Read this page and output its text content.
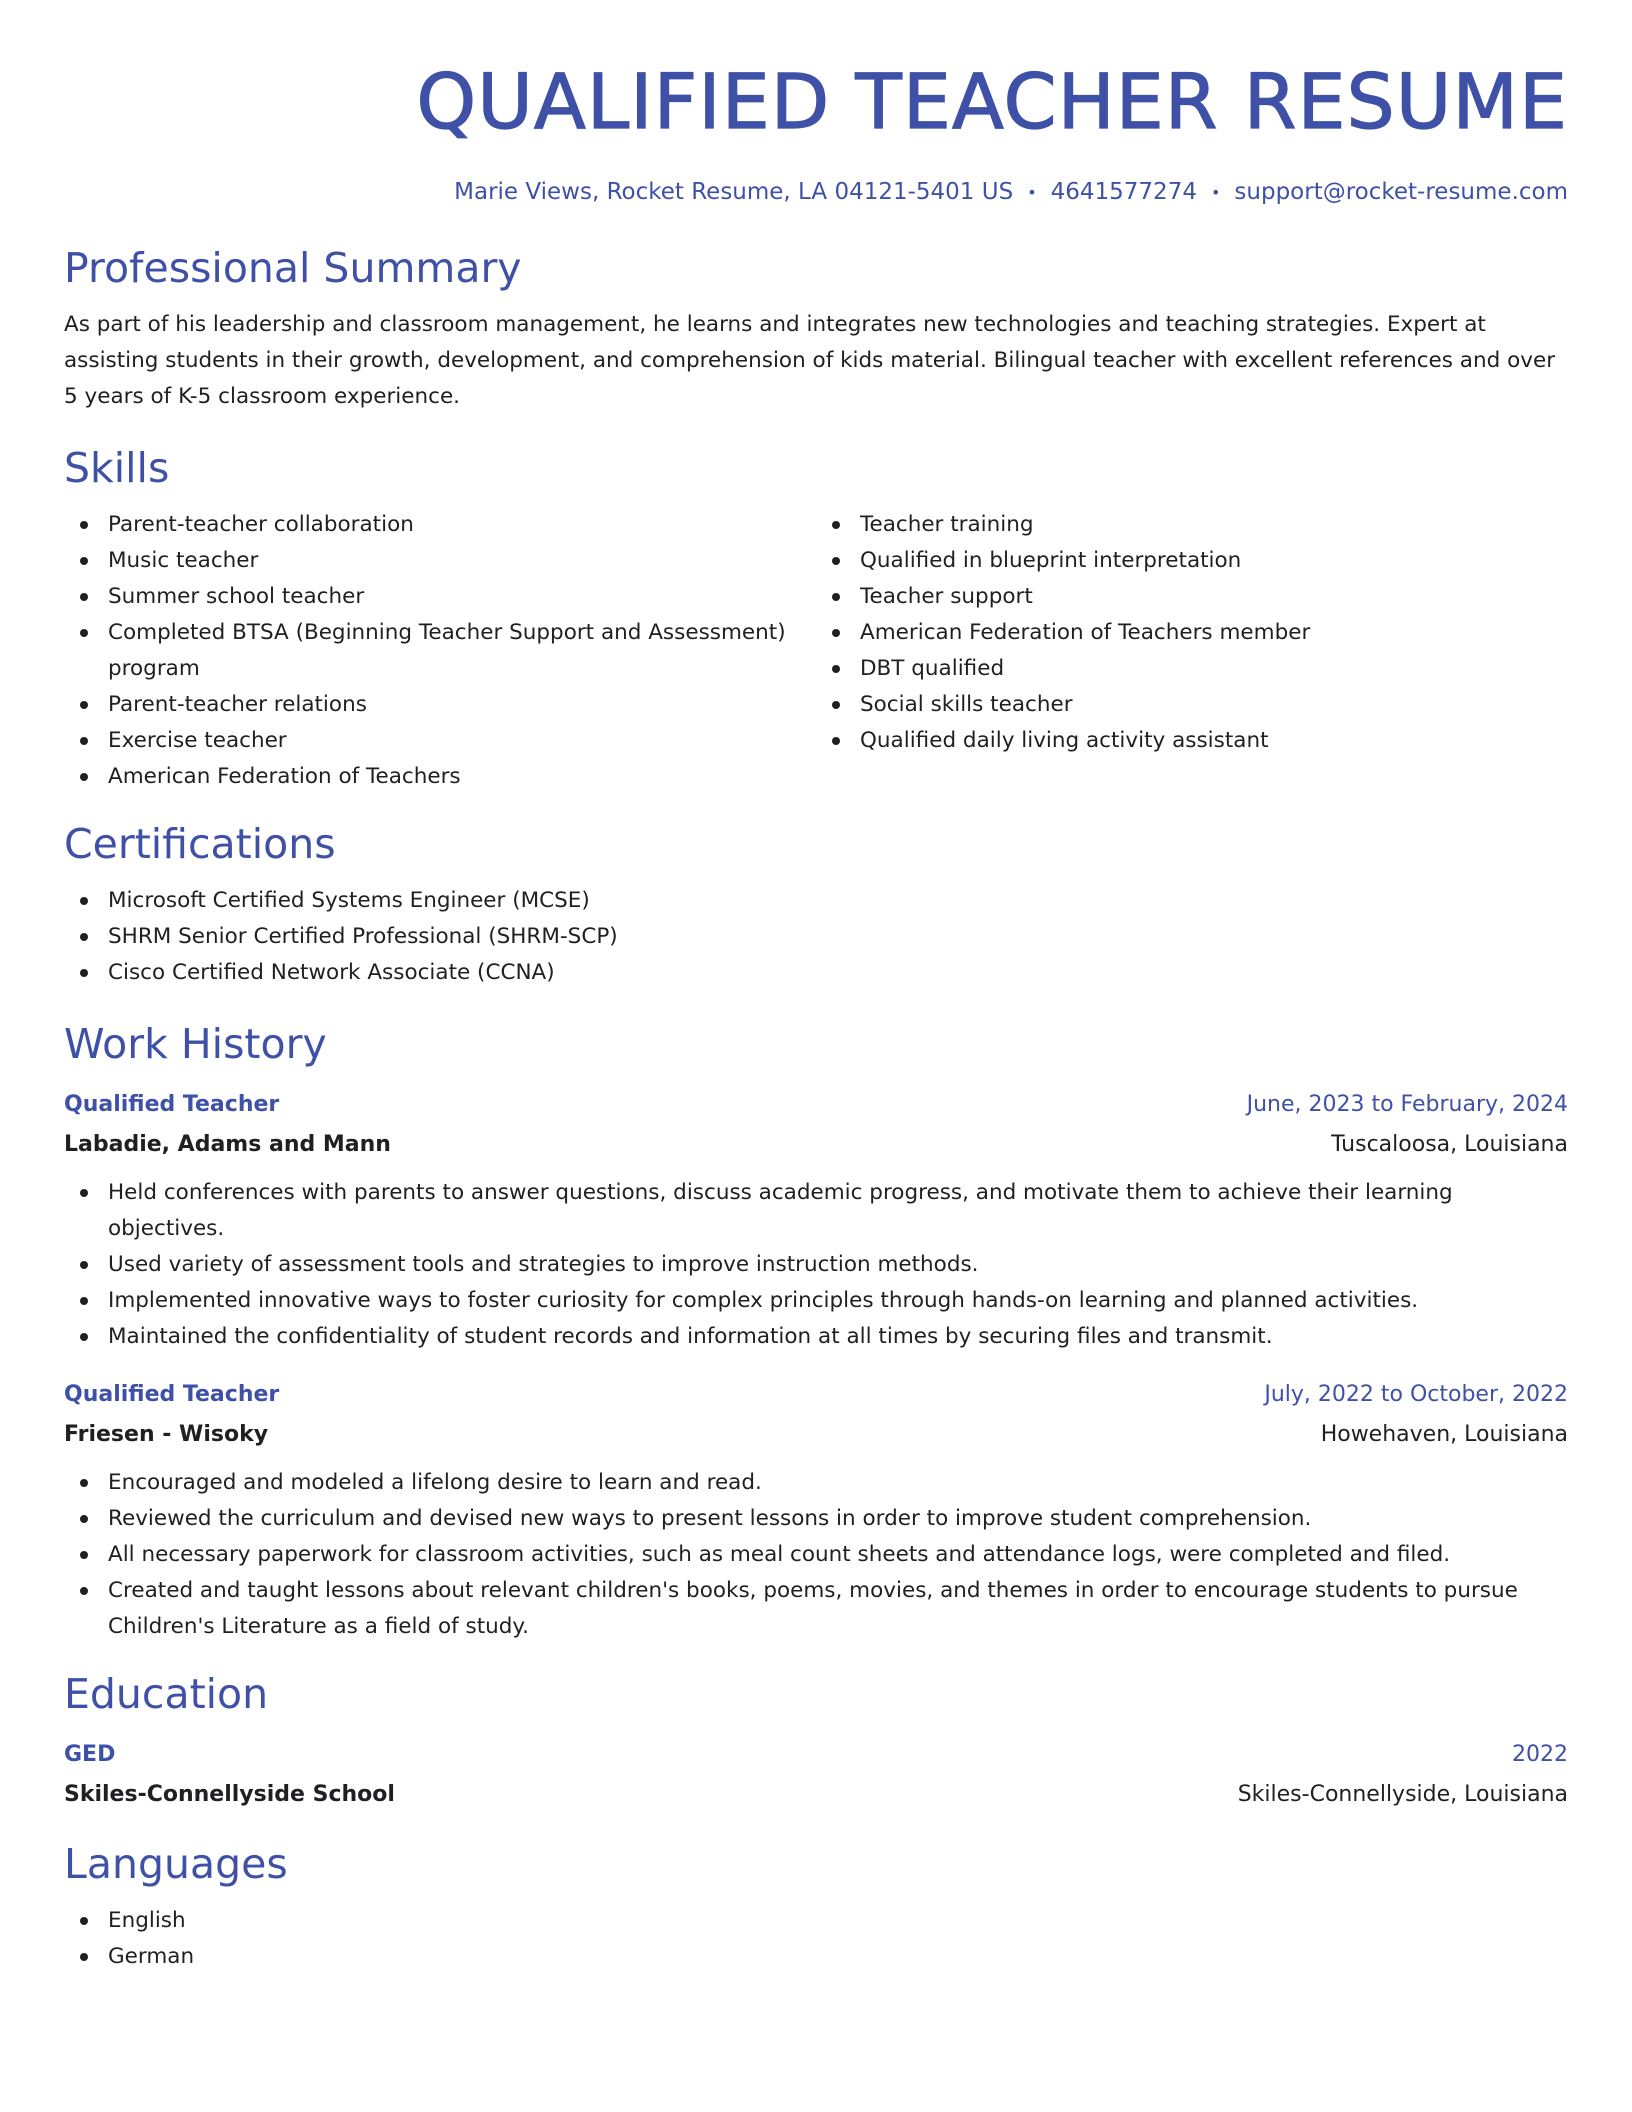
QUALIFIED TEACHER RESUME
Marie Views, Rocket Resume, LA 04121-5401 US • 4641577274 • support@rocket-resume.com
Professional Summary

As part of his leadership and classroom management, he learns and integrates new technologies and teaching strategies. Expert at assisting students in their growth, development, and comprehension of kids material. Bilingual teacher with excellent references and over 5 years of K-5 classroom experience.

Skills
Parent-teacher collaboration
Music teacher
Summer school teacher
Completed BTSA (Beginning Teacher Support and Assessment) program
Parent-teacher relations
Exercise teacher
American Federation of Teachers
Teacher training
Qualified in blueprint interpretation
Teacher support
American Federation of Teachers member
DBT qualified
Social skills teacher
Qualified daily living activity assistant
Certifications
Microsoft Certified Systems Engineer (MCSE)
SHRM Senior Certified Professional (SHRM-SCP)
Cisco Certified Network Associate (CCNA)
Work History
Qualified Teacher	June, 2023 to February, 2024
Labadie, Adams and Mann	Tuscaloosa, Louisiana
Held conferences with parents to answer questions, discuss academic progress, and motivate them to achieve their learning objectives.
Used variety of assessment tools and strategies to improve instruction methods.
Implemented innovative ways to foster curiosity for complex principles through hands-on learning and planned activities.
Maintained the confidentiality of student records and information at all times by securing files and transmit.
Qualified Teacher	July, 2022 to October, 2022
Friesen - Wisoky	Howehaven, Louisiana
Encouraged and modeled a lifelong desire to learn and read.
Reviewed the curriculum and devised new ways to present lessons in order to improve student comprehension.
All necessary paperwork for classroom activities, such as meal count sheets and attendance logs, were completed and filed.
Created and taught lessons about relevant children's books, poems, movies, and themes in order to encourage students to pursue Children's Literature as a field of study.
Education
GED	2022
Skiles-Connellyside School	Skiles-Connellyside, Louisiana
Languages
English
German
